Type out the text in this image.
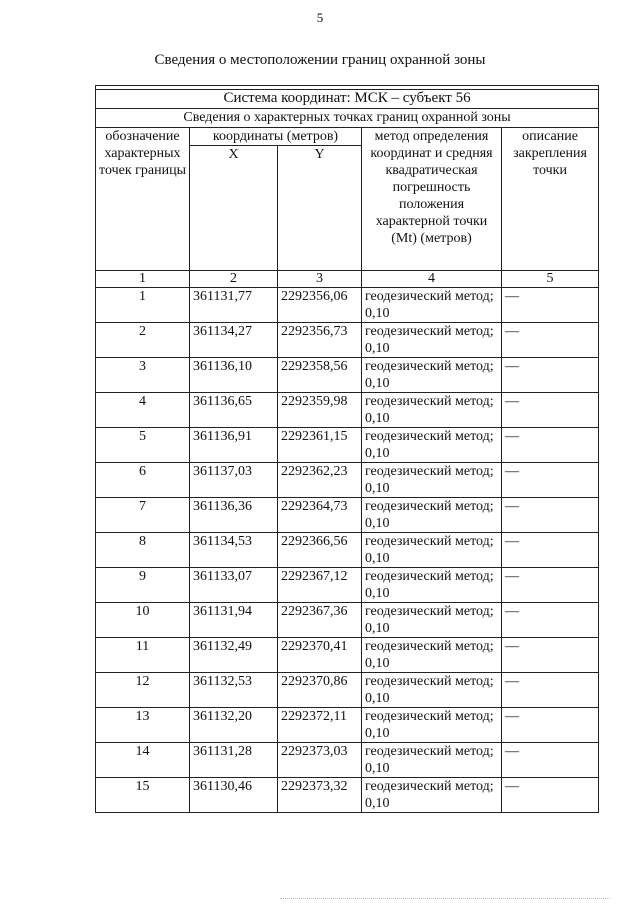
5
Сведения о местоположении границ охранной зоны

Система координат: МСК – субъект 56				
Сведения о характерных точках границ охранной зоны				
обозначение характерных точек границы	координаты (метров)		метод определения координат и средняя квадратическая погрешность положения характерной точки (Mt) (метров)	описание закрепления точки
	X	Y		
1	2	3	4	5
1	361131,77	2292356,06	геодезический метод; 0,10	—
2	361134,27	2292356,73	геодезический метод; 0,10	—
3	361136,10	2292358,56	геодезический метод; 0,10	—
4	361136,65	2292359,98	геодезический метод; 0,10	—
5	361136,91	2292361,15	геодезический метод; 0,10	—
6	361137,03	2292362,23	геодезический метод; 0,10	—
7	361136,36	2292364,73	геодезический метод; 0,10	—
8	361134,53	2292366,56	геодезический метод; 0,10	—
9	361133,07	2292367,12	геодезический метод; 0,10	—
10	361131,94	2292367,36	геодезический метод; 0,10	—
11	361132,49	2292370,41	геодезический метод; 0,10	—
12	361132,53	2292370,86	геодезический метод; 0,10	—
13	361132,20	2292372,11	геодезический метод; 0,10	—
14	361131,28	2292373,03	геодезический метод; 0,10	—
15	361130,46	2292373,32	геодезический метод; 0,10	—
